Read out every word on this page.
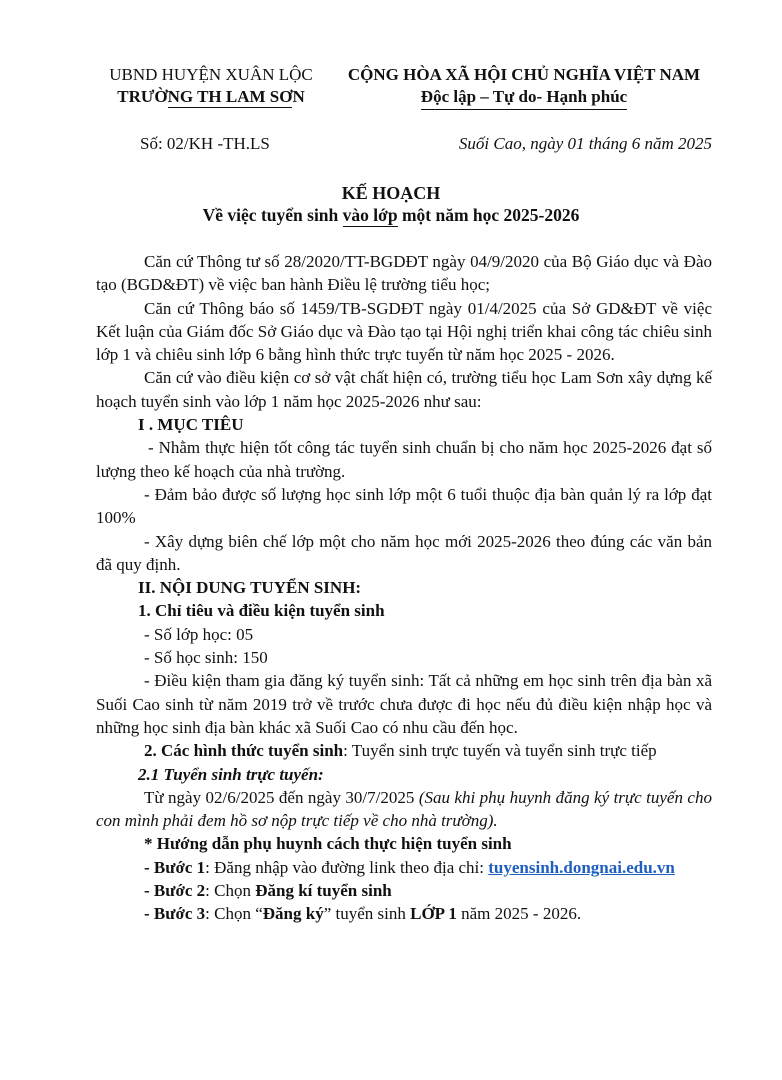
UBND HUYỆN XUÂN LỘC
TRƯỜNG TH LAM SƠN
CỘNG HÒA XÃ HỘI CHỦ NGHĨA VIỆT NAM
Độc lập – Tự do- Hạnh phúc
Số: 02/KH -TH.LS	Suối Cao, ngày 01 tháng 6 năm 2025
KẾ HOẠCH
Về việc tuyển sinh vào lớp một năm học 2025-2026

Căn cứ Thông tư số 28/2020/TT-BGDĐT ngày 04/9/2020 của Bộ Giáo dục và Đào tạo (BGD&ĐT) về việc ban hành Điều lệ trường tiểu học;

Căn cứ Thông báo số 1459/TB-SGDĐT ngày 01/4/2025 của Sở GD&ĐT về việc Kết luận của Giám đốc Sở Giáo dục và Đào tạo tại Hội nghị triển khai công tác chiêu sinh lớp 1 và chiêu sinh lớp 6 bằng hình thức trực tuyến từ năm học 2025 - 2026.

Căn cứ vào điều kiện cơ sở vật chất hiện có, trường tiểu học Lam Sơn xây dựng kế hoạch tuyển sinh vào lớp 1 năm học 2025-2026 như sau:

I . MỤC TIÊU

- Nhằm thực hiện tốt công tác tuyển sinh chuẩn bị cho năm học 2025-2026 đạt số lượng theo kế hoạch của nhà trường.

- Đảm bảo được số lượng học sinh lớp một 6 tuổi thuộc địa bàn quản lý ra lớp đạt 100%

- Xây dựng biên chế lớp một cho năm học mới 2025-2026 theo đúng các văn bản đã quy định.

II. NỘI DUNG TUYỂN SINH:

1. Chỉ tiêu và điều kiện tuyển sinh

- Số lớp học: 05

- Số học sinh: 150

- Điều kiện tham gia đăng ký tuyển sinh: Tất cả những em học sinh trên địa bàn xã Suối Cao sinh từ năm 2019 trở về trước chưa được đi học nếu đủ điều kiện nhập học và những học sinh địa bàn khác xã Suối Cao có nhu cầu đến học.

2. Các hình thức tuyển sinh: Tuyển sinh trực tuyến và tuyển sinh trực tiếp

2.1 Tuyển sinh trực tuyến:

Từ ngày 02/6/2025 đến ngày 30/7/2025 (Sau khi phụ huynh đăng ký trực tuyến cho con mình phải đem hồ sơ nộp trực tiếp về cho nhà trường).

* Hướng dẫn phụ huynh cách thực hiện tuyển sinh

- Bước 1: Đăng nhập vào đường link theo địa chỉ: tuyensinh.dongnai.edu.vn

- Bước 2: Chọn Đăng kí tuyển sinh

- Bước 3: Chọn “Đăng ký” tuyển sinh LỚP 1 năm 2025 - 2026.
